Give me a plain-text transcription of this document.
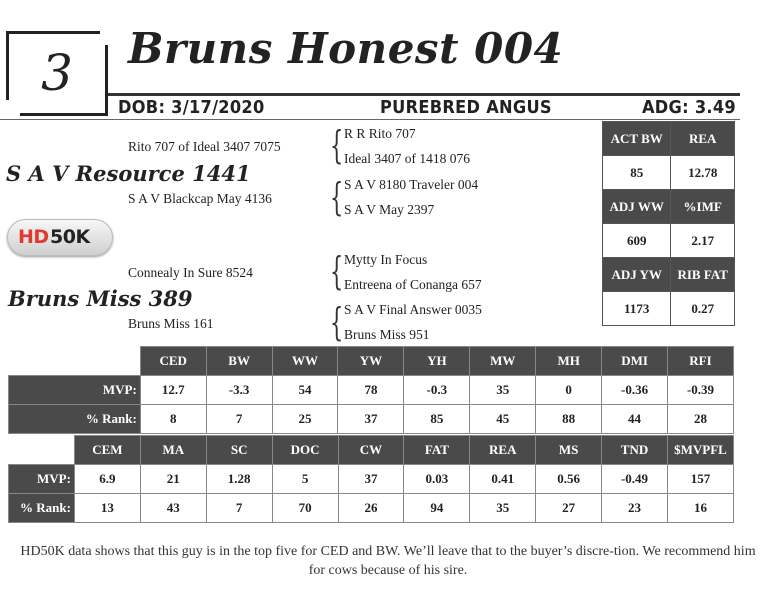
3	Bruns Honest 004
DOB: 3/17/2020	PUREBRED ANGUS	ADG: 3.49
Rito 707 of Ideal 3407 7075
S A V Resource 1441
S A V Blackcap May 4136
{ R R Rito 707
Ideal 3407 of 1418 076
{ S A V 8180 Traveler 004
S A V May 2397
HD 50K
Connealy In Sure 8524
Bruns Miss 389
Bruns Miss 161
{ Mytty In Focus
Entreena of Conanga 657
{ S A V Final Answer 0035
Bruns Miss 951
ACT BW	REA
85	12.78
ADJ WW	%IMF
609	2.17
ADJ YW	RIB FAT
1173	0.27
	CED	BW	WW	YW	YH	MW	MH	DMI	RFI
MVP:	12.7	-3.3	54	78	-0.3	35	0	-0.36	-0.39
% Rank:	8	7	25	37	85	45	88	44	28
	CEM	MA	SC	DOC	CW	FAT	REA	MS	TND	$MVPFL
MVP:	6.9	21	1.28	5	37	0.03	0.41	0.56	-0.49	157
% Rank:	13	43	7	70	26	94	35	27	23	16
HD50K data shows that this guy is in the top five for CED and BW. We’ll leave that to the buyer’s discre-tion. We recommend him for cows because of his sire.
